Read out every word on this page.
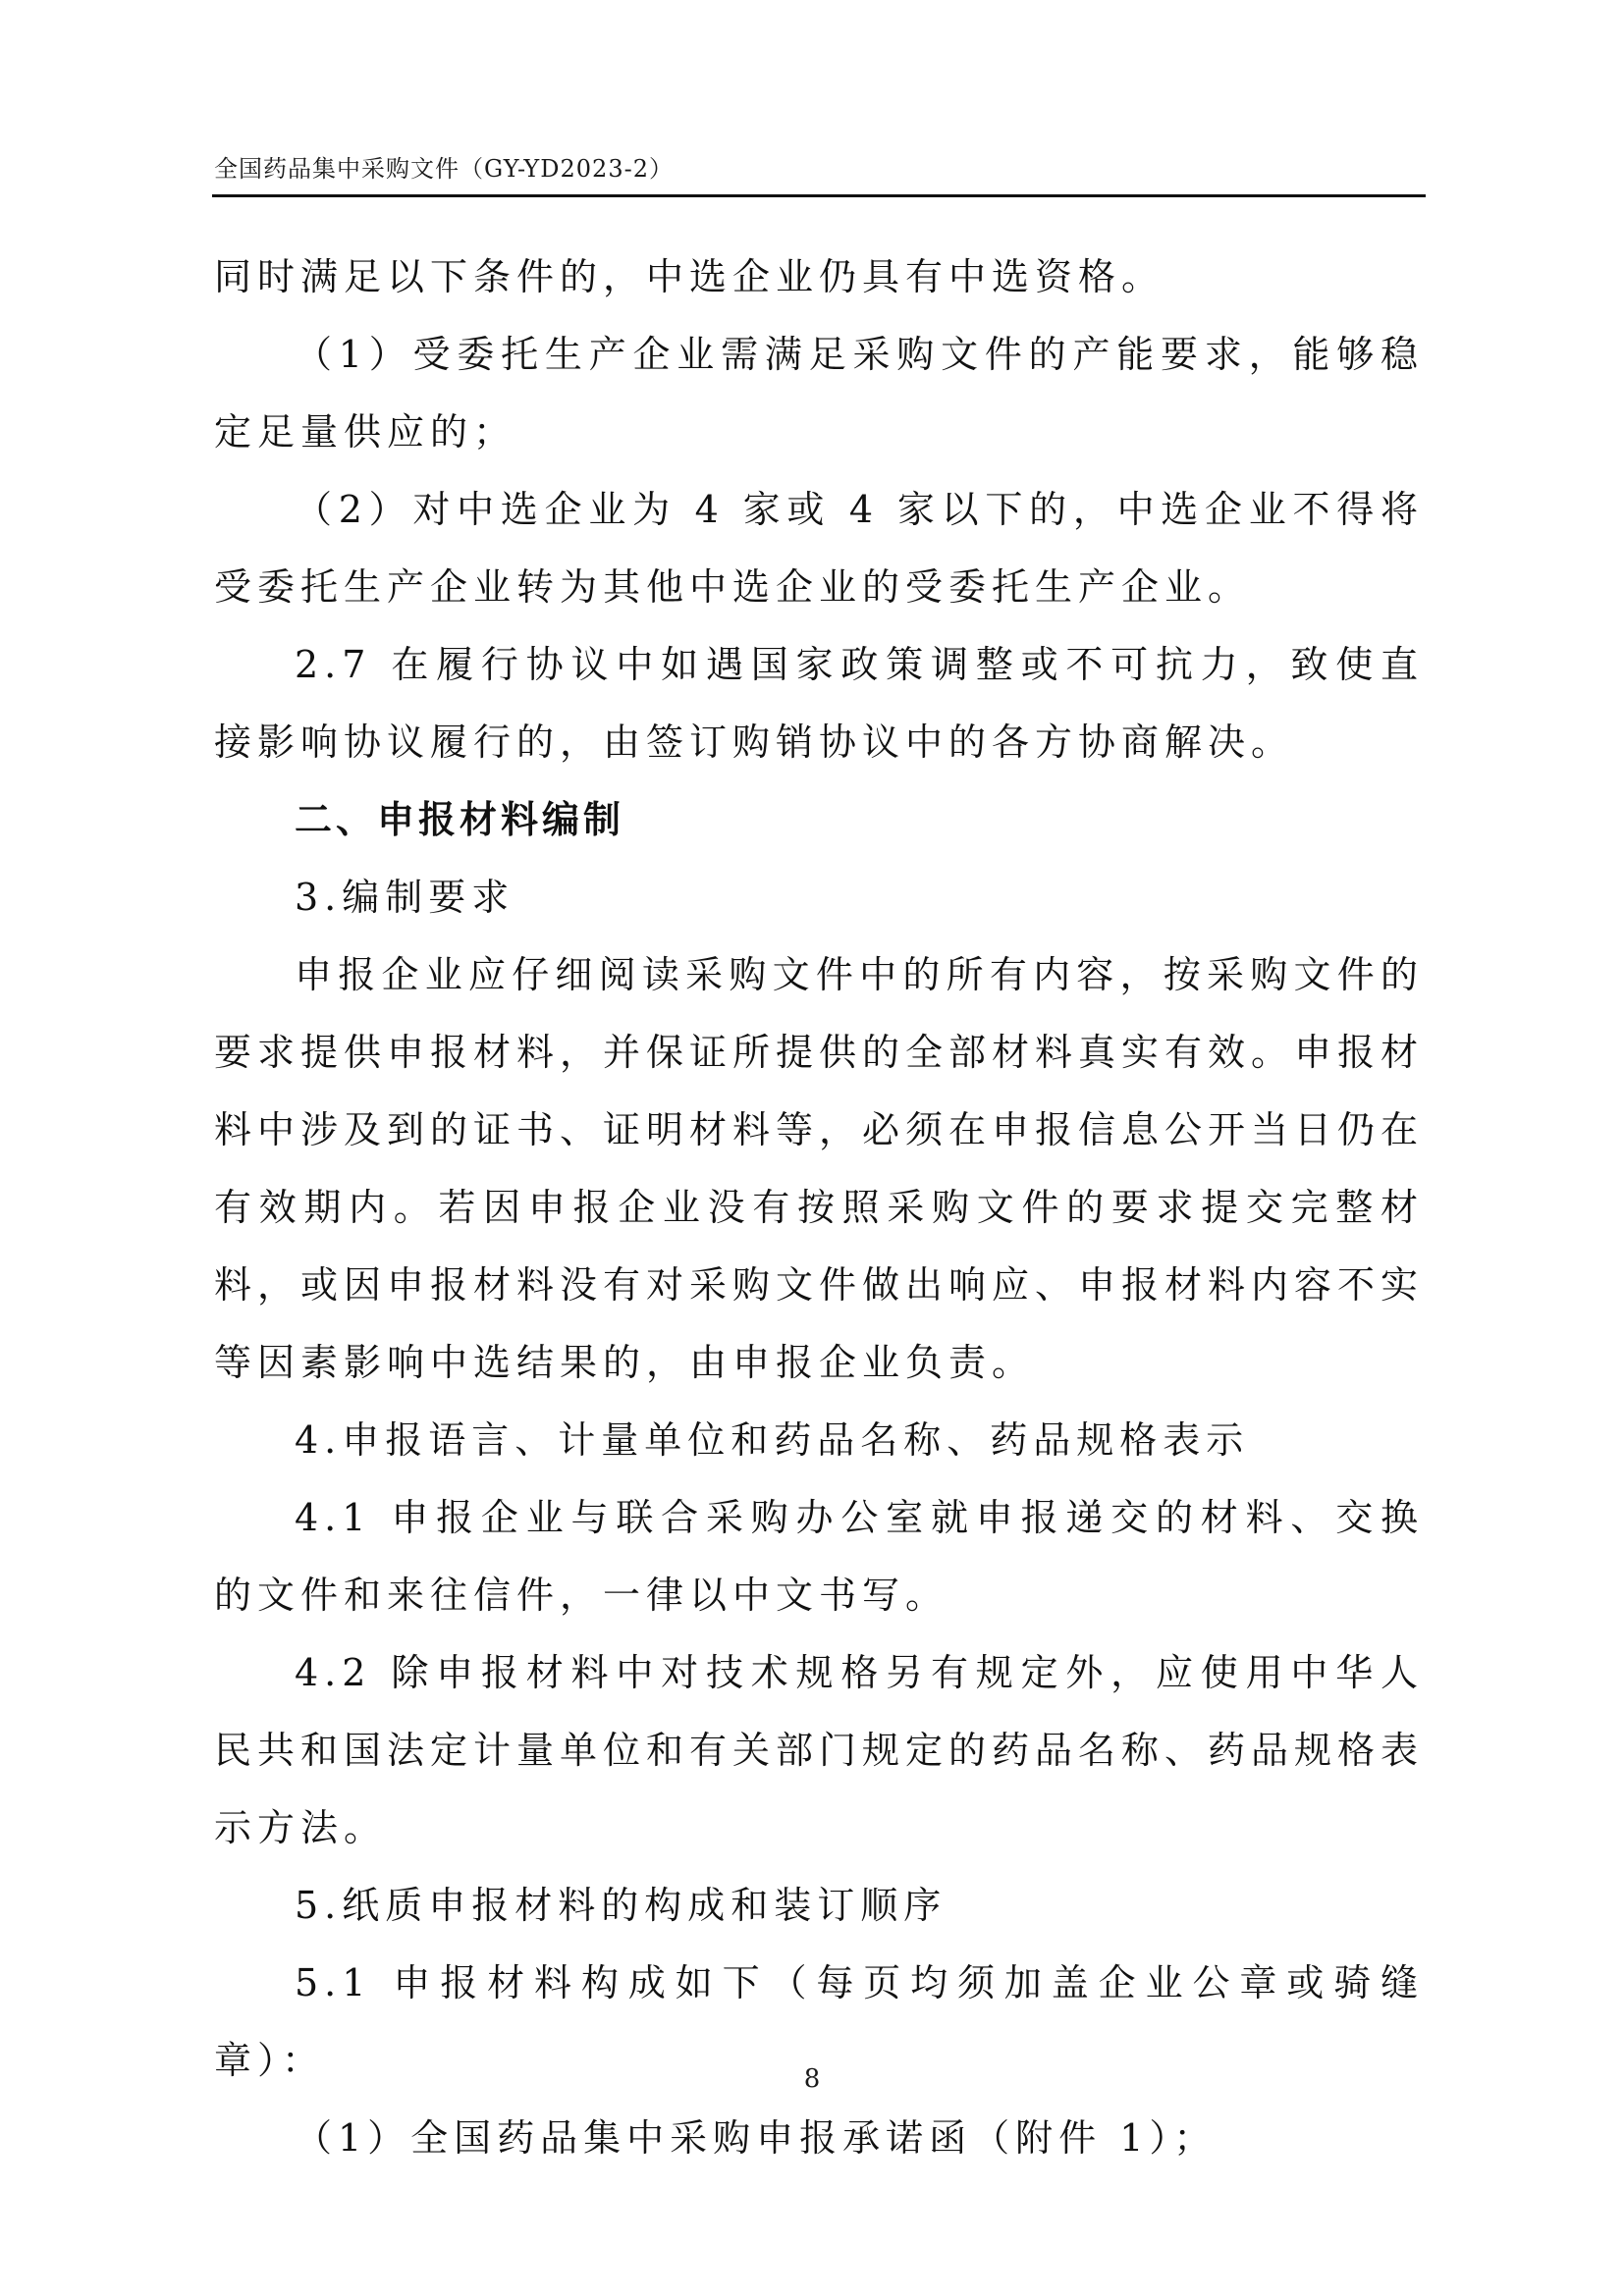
全国药品集中采购文件（GY-YD2023-2）

同时满足以下条件的，中选企业仍具有中选资格。

（1）受委托生产企业需满足采购文件的产能要求，能够稳定足量供应的；

（2）对中选企业为 4 家或 4 家以下的，中选企业不得将受委托生产企业转为其他中选企业的受委托生产企业。

2.7 在履行协议中如遇国家政策调整或不可抗力，致使直接影响协议履行的，由签订购销协议中的各方协商解决。

二、申报材料编制

3.编制要求

申报企业应仔细阅读采购文件中的所有内容，按采购文件的要求提供申报材料，并保证所提供的全部材料真实有效。申报材料中涉及到的证书、证明材料等，必须在申报信息公开当日仍在有效期内。若因申报企业没有按照采购文件的要求提交完整材料，或因申报材料没有对采购文件做出响应、申报材料内容不实等因素影响中选结果的，由申报企业负责。

4.申报语言、计量单位和药品名称、药品规格表示

4.1 申报企业与联合采购办公室就申报递交的材料、交换的文件和来往信件，一律以中文书写。

4.2 除申报材料中对技术规格另有规定外，应使用中华人民共和国法定计量单位和有关部门规定的药品名称、药品规格表示方法。

5.纸质申报材料的构成和装订顺序

5.1 申报材料构成如下（每页均须加盖企业公章或骑缝章）：

（1）全国药品集中采购申报承诺函（附件 1）；

8
